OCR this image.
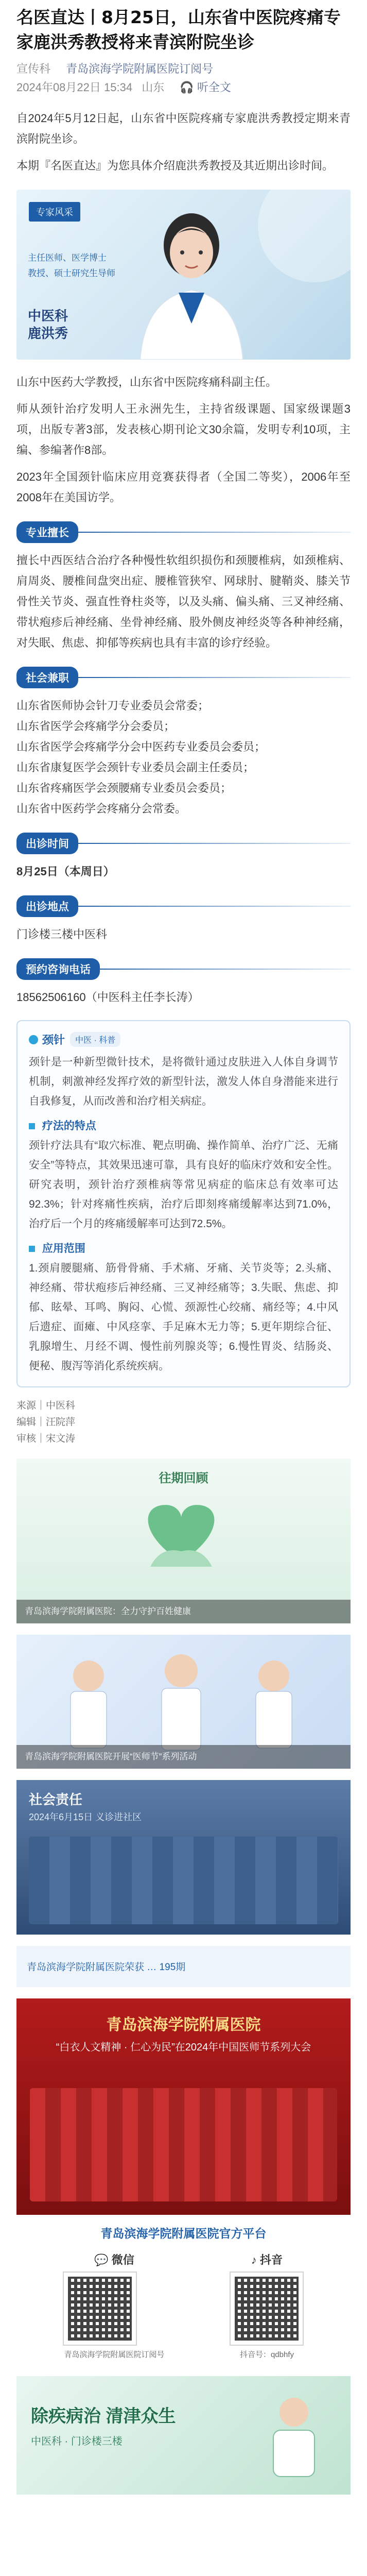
名医直达丨8月25日，山东省中医院疼痛专家鹿洪秀教授将来青滨附院坐诊
宣传科 青岛滨海学院附属医院订阅号
2024年08月22日 15:34 山东 🎧 听全文

自2024年5月12日起，山东省中医院疼痛专家鹿洪秀教授定期来青滨附院坐诊。

本期『名医直达』为您具体介绍鹿洪秀教授及其近期出诊时间。

专家风采
主任医师、医学博士
教授、硕士研究生导师
中医科
鹿洪秀

山东中医药大学教授，山东省中医院疼痛科副主任。

师从颈针治疗发明人王永洲先生，主持省级课题、国家级课题3项，出版专著3部，发表核心期刊论文30余篇，发明专利10项，主编、参编著作8部。

2023年全国颈针临床应用竞赛获得者（全国二等奖），2006年至2008年在美国访学。

专业擅长

擅长中西医结合治疗各种慢性软组织损伤和颈腰椎病，如颈椎病、肩周炎、腰椎间盘突出症、腰椎管狭窄、网球肘、腱鞘炎、膝关节骨性关节炎、强直性脊柱炎等，以及头痛、偏头痛、三叉神经痛、带状疱疹后神经痛、坐骨神经痛、股外侧皮神经炎等各种神经痛，对失眠、焦虑、抑郁等疾病也具有丰富的诊疗经验。

社会兼职

山东省医师协会针刀专业委员会常委；

山东省医学会疼痛学分会委员；

山东省医学会疼痛学分会中医药专业委员会委员；

山东省康复医学会颈针专业委员会副主任委员；

山东省疼痛医学会颈腰痛专业委员会委员；

山东省中医药学会疼痛分会常委。

出诊时间

8月25日（本周日）

出诊地点

门诊楼三楼中医科

预约咨询电话

18562506160（中医科主任李长涛）

颈针	中医 · 科普

颈针是一种新型微针技术，是将微针通过皮肤进入人体自身调节机制，刺激神经发挥疗效的新型针法，激发人体自身潜能来进行自我修复，从而改善和治疗相关病症。

疗法的特点

颈针疗法具有“取穴标准、靶点明确、操作简单、治疗广泛、无痛安全”等特点，其效果迅速可靠，具有良好的临床疗效和安全性。研究表明，颈针治疗颈椎病等常见病症的临床总有效率可达92.3%；针对疼痛性疾病，治疗后即刻疼痛缓解率达到71.0%，治疗后一个月的疼痛缓解率可达到72.5%。

应用范围

1.颈肩腰腿痛、筋骨骨痛、手术痛、牙痛、关节炎等；2.头痛、神经痛、带状疱疹后神经痛、三叉神经痛等；3.失眠、焦虑、抑郁、眩晕、耳鸣、胸闷、心慌、颈源性心绞痛、痛经等；4.中风后遗症、面瘫、中风痉挛、手足麻木无力等；5.更年期综合征、乳腺增生、月经不调、慢性前列腺炎等；6.慢性胃炎、结肠炎、便秘、腹泻等消化系统疾病。

来源｜中医科
编辑｜汪院萍
审核｜宋文涛
往期回顾
青岛滨海学院附属医院：全力守护百姓健康
青岛滨海学院附属医院开展“医师节”系列活动
社会责任
2024年6月15日 义诊进社区
青岛滨海学院附属医院荣获 … 195期
青岛滨海学院附属医院
“白衣人文精神 · 仁心为民”在2024年中国医师节系列大会
青岛滨海学院附属医院官方平台
💬 微信
青岛滨海学院附属医院订阅号
♪ 抖音
抖音号：qdbhfy
除疾病治 清津众生
中医科 · 门诊楼三楼
